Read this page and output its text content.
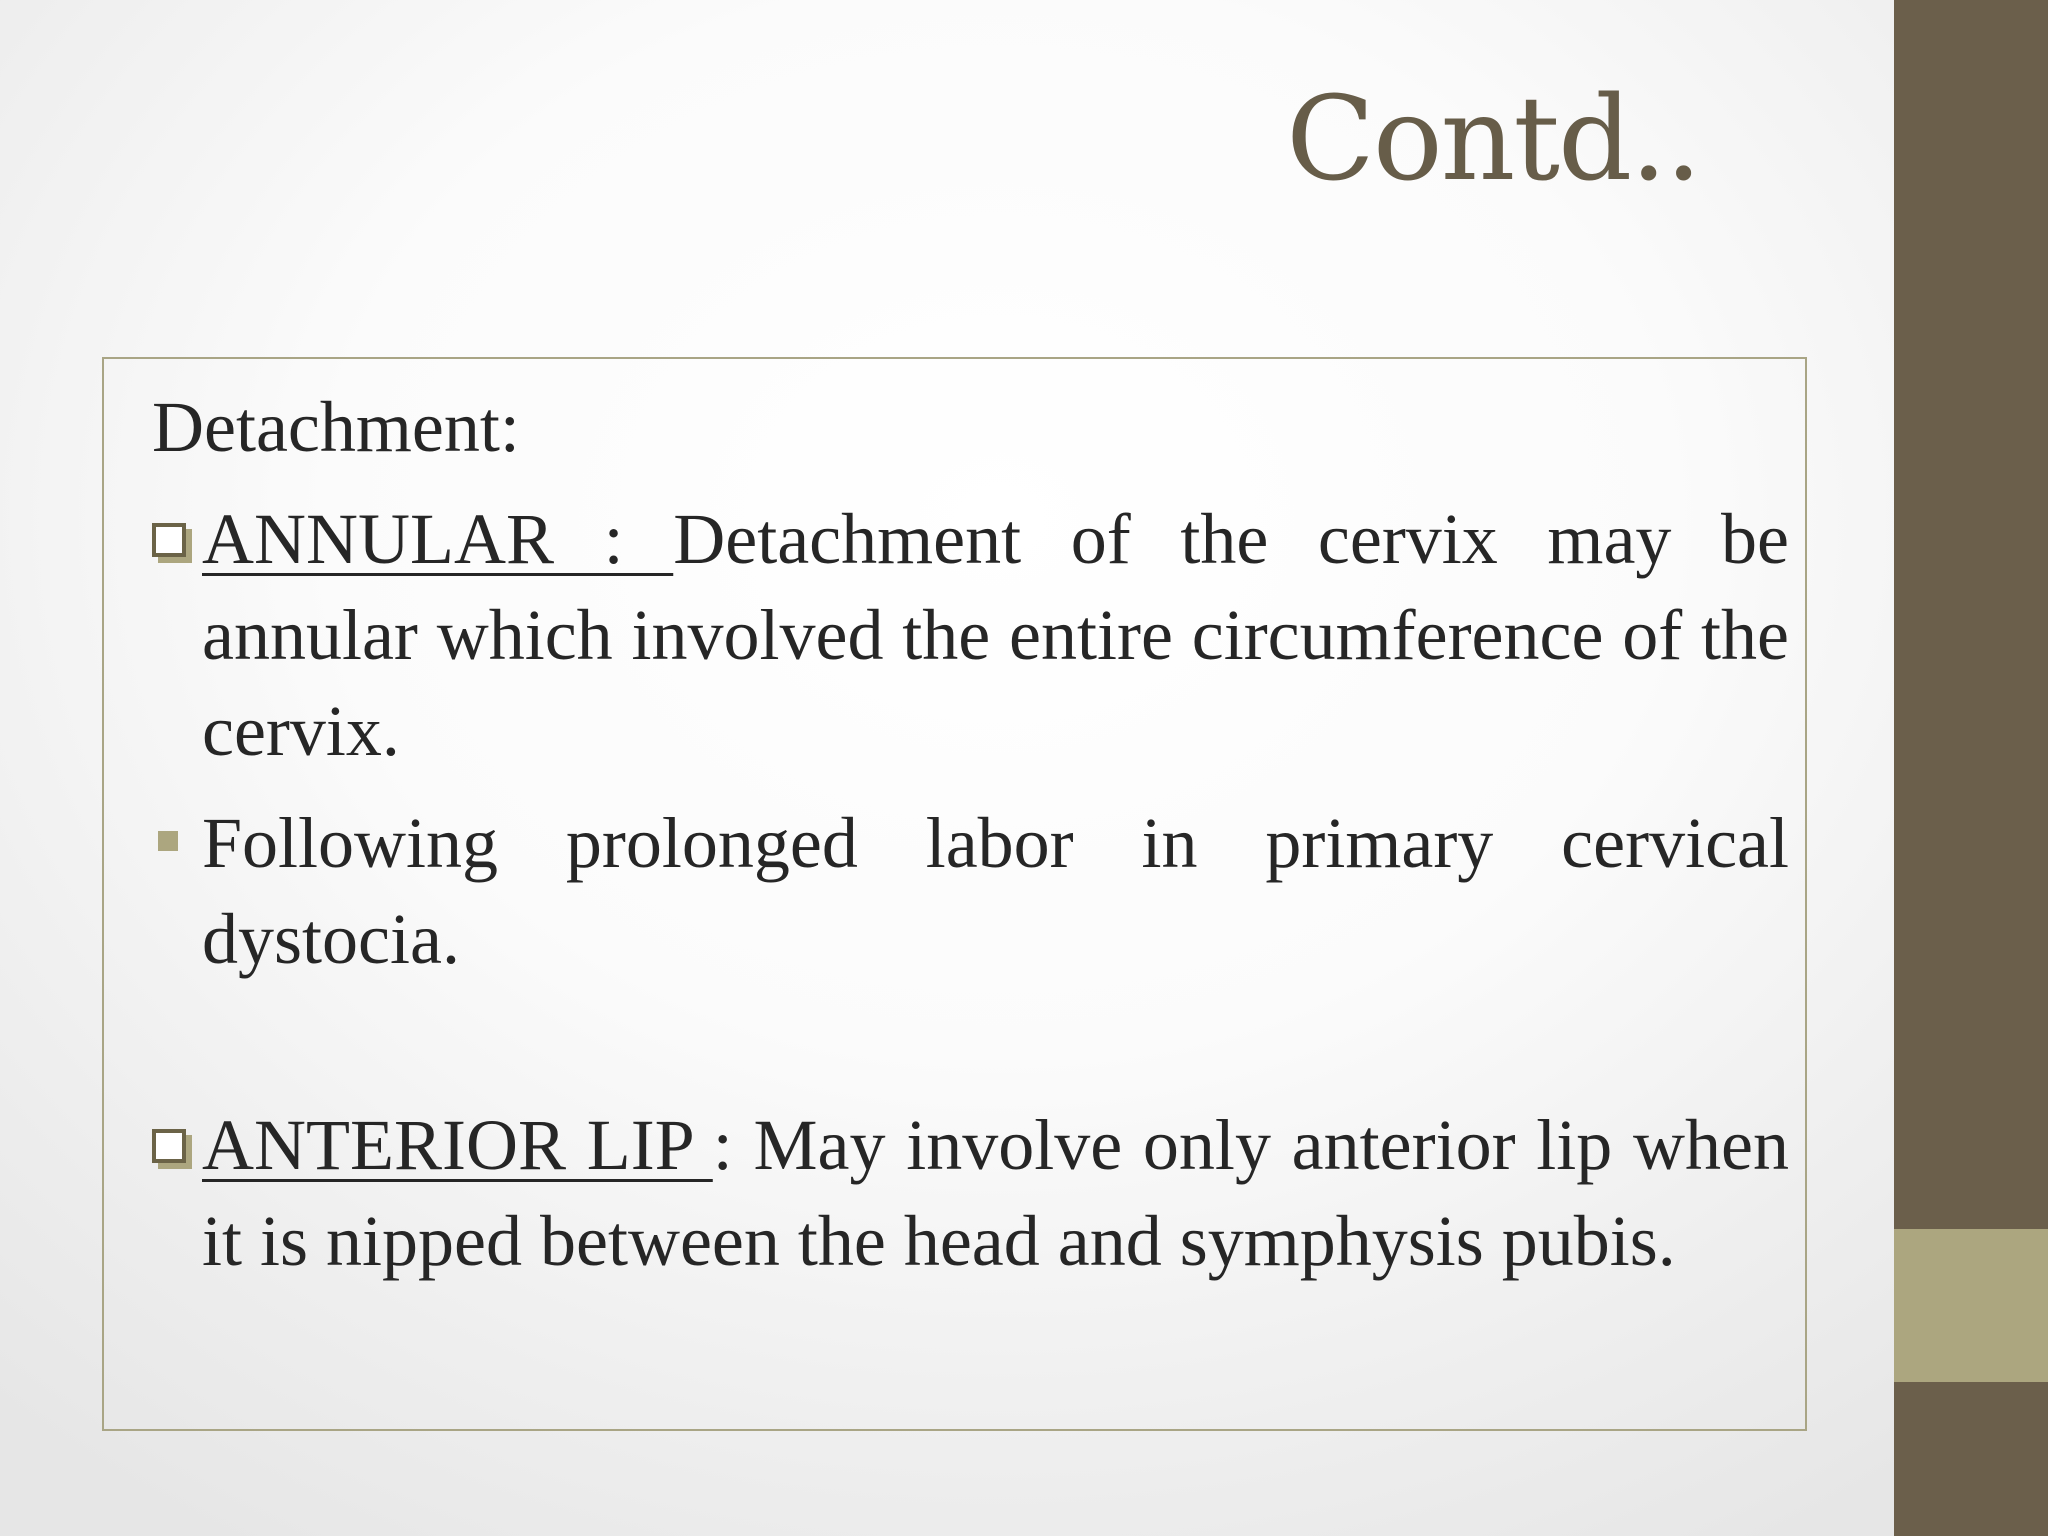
Contd..

Detachment:

ANNULAR : Detachment of the cervix may be annular which involved the entire circumference of the cervix.

Following prolonged labor in primary cervical dystocia.

ANTERIOR LIP : May involve only anterior lip when it is nipped between the head and symphysis pubis.
